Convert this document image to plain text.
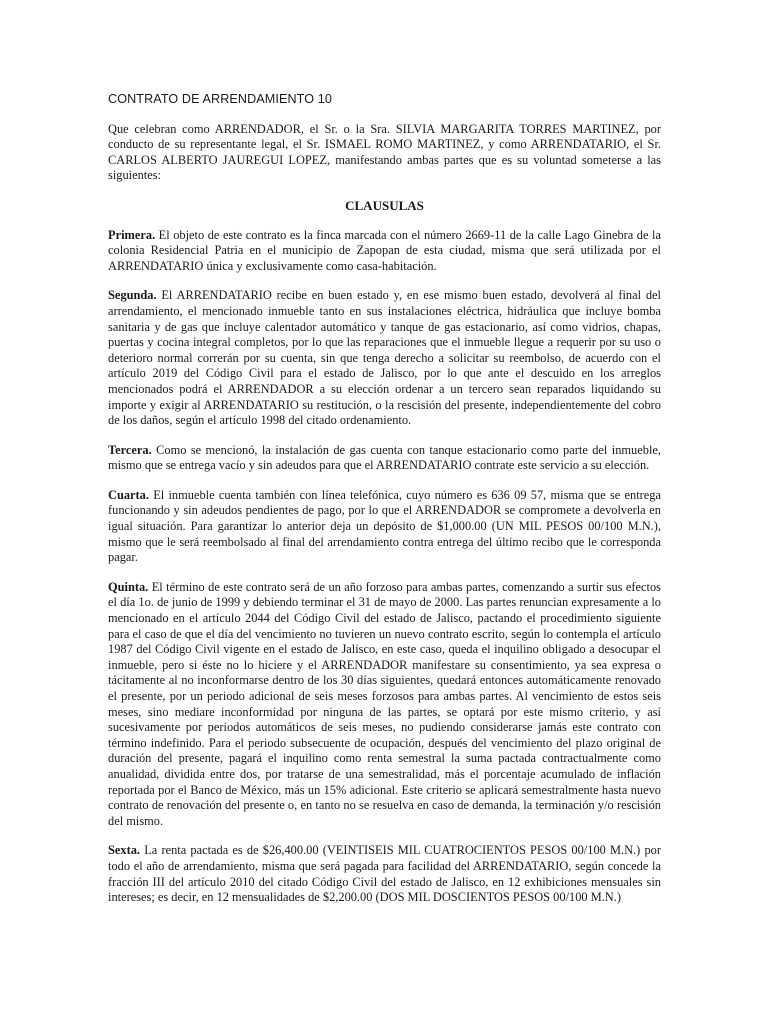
CONTRATO DE ARRENDAMIENTO 10

Que celebran como ARRENDADOR, el Sr. o la Sra. SILVIA MARGARITA TORRES MARTINEZ, por conducto de su representante legal, el Sr. ISMAEL ROMO MARTINEZ, y como ARRENDATARIO, el Sr. CARLOS ALBERTO JAUREGUI LOPEZ, manifestando ambas partes que es su voluntad someterse a las siguientes:

CLAUSULAS

Primera. El objeto de este contrato es la finca marcada con el número 2669-11 de la calle Lago Ginebra de la colonia Residencial Patria en el municipio de Zapopan de esta ciudad, misma que será utilizada por el ARRENDATARIO única y exclusivamente como casa-habitación.

Segunda. El ARRENDATARIO recibe en buen estado y, en ese mismo buen estado, devolverá al final del arrendamiento, el mencionado inmueble tanto en sus instalaciones eléctrica, hidráulica que incluye bomba sanitaria y de gas que incluye calentador automático y tanque de gas estacionario, así como vidrios, chapas, puertas y cocina integral completos, por lo que las reparaciones que el inmueble llegue a requerir por su uso o deterioro normal correrán por su cuenta, sin que tenga derecho a solicitar su reembolso, de acuerdo con el artículo 2019 del Código Civil para el estado de Jalisco, por lo que ante el descuido en los arreglos mencionados podrá el ARRENDADOR a su elección ordenar a un tercero sean reparados liquidando su importe y exigir al ARRENDATARIO su restitución, o la rescisión del presente, independientemente del cobro de los daños, según el artículo 1998 del citado ordenamiento.

Tercera. Como se mencionó, la instalación de gas cuenta con tanque estacionario como parte del inmueble, mismo que se entrega vacío y sin adeudos para que el ARRENDATARIO contrate este servicio a su elección.

Cuarta. El inmueble cuenta también con línea telefónica, cuyo número es 636 09 57, misma que se entrega funcionando y sin adeudos pendientes de pago, por lo que el ARRENDADOR se compromete a devolverla en igual situación. Para garantizar lo anterior deja un depósito de $1,000.00 (UN MIL PESOS 00/100 M.N.), mismo que le será reembolsado al final del arrendamiento contra entrega del último recibo que le corresponda pagar.

Quinta. El término de este contrato será de un año forzoso para ambas partes, comenzando a surtir sus efectos el día 1o. de junio de 1999 y debiendo terminar el 31 de mayo de 2000. Las partes renuncian expresamente a lo mencionado en el artículo 2044 del Código Civil del estado de Jalisco, pactando el procedimiento siguiente para el caso de que el día del vencimiento no tuvieren un nuevo contrato escrito, según lo contempla el artículo 1987 del Código Civil vigente en el estado de Jalisco, en este caso, queda el inquilino obligado a desocupar el inmueble, pero si éste no lo hiciere y el ARRENDADOR manifestare su consentimiento, ya sea expresa o tácitamente al no inconformarse dentro de los 30 días siguientes, quedará entonces automáticamente renovado el presente, por un periodo adicional de seis meses forzosos para ambas partes. Al vencimiento de estos seis meses, sino mediare inconformidad por ninguna de las partes, se optará por este mismo criterio, y así sucesivamente por periodos automáticos de seis meses, no pudiendo considerarse jamás este contrato con término indefinido. Para el periodo subsecuente de ocupación, después del vencimiento del plazo original de duración del presente, pagará el inquilino como renta semestral la suma pactada contractualmente como anualidad, dividida entre dos, por tratarse de una semestralidad, más el porcentaje acumulado de inflación reportada por el Banco de México, más un 15% adicional. Este criterio se aplicará semestralmente hasta nuevo contrato de renovación del presente o, en tanto no se resuelva en caso de demanda, la terminación y/o rescisión del mismo.

Sexta. La renta pactada es de $26,400.00 (VEINTISEIS MIL CUATROCIENTOS PESOS 00/100 M.N.) por todo el año de arrendamiento, misma que será pagada para facilidad del ARRENDATARIO, según concede la fracción III del artículo 2010 del citado Código Civil del estado de Jalisco, en 12 exhibiciones mensuales sin intereses; es decir, en 12 mensualidades de $2,200.00 (DOS MIL DOSCIENTOS PESOS 00/100 M.N.)
